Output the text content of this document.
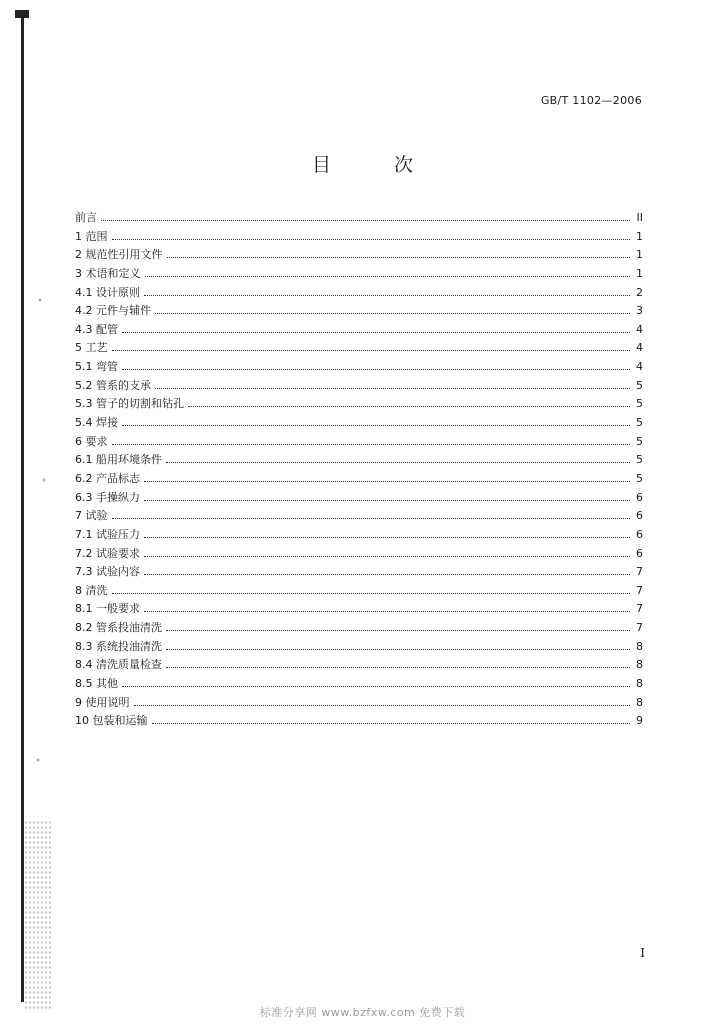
GB/T 1102—2006
目　次
前言	II
1 范围	1
2 规范性引用文件	1
3 术语和定义	1
4.1 设计原则	2
4.2 元件与辅件	3
4.3 配管	4
5 工艺	4
5.1 弯管	4
5.2 管系的支承	5
5.3 管子的切割和钻孔	5
5.4 焊接	5
6 要求	5
6.1 船用环境条件	5
6.2 产品标志	5
6.3 手操纵力	6
7 试验	6
7.1 试验压力	6
7.2 试验要求	6
7.3 试验内容	7
8 清洗	7
8.1 一般要求	7
8.2 管系投油清洗	7
8.3 系统投油清洗	8
8.4 清洗质量检查	8
8.5 其他	8
9 使用说明	8
10 包装和运输	9
I
标准分享网 www.bzfxw.com 免费下载
